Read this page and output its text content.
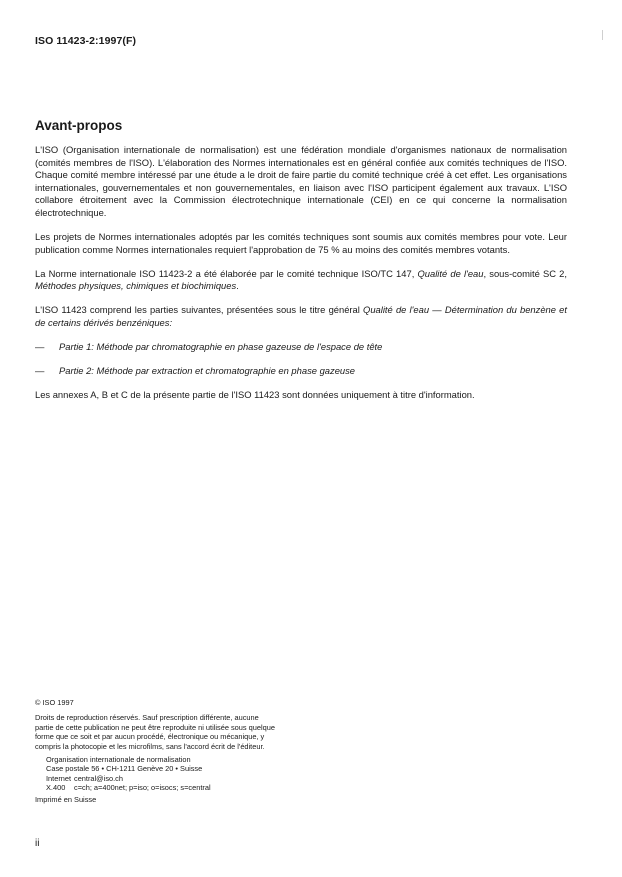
ISO 11423-2:1997(F)
Avant-propos

L'ISO (Organisation internationale de normalisation) est une fédération mondiale d'organismes nationaux de normalisation (comités membres de l'ISO). L'élaboration des Normes internationales est en général confiée aux comités techniques de l'ISO. Chaque comité membre intéressé par une étude a le droit de faire partie du comité technique créé à cet effet. Les organisations internationales, gouvernementales et non gouvernementales, en liaison avec l'ISO participent également aux travaux. L'ISO collabore étroitement avec la Commission électrotechnique internationale (CEI) en ce qui concerne la normalisation électrotechnique.

Les projets de Normes internationales adoptés par les comités techniques sont soumis aux comités membres pour vote. Leur publication comme Normes internationales requiert l'approbation de 75 % au moins des comités membres votants.

La Norme internationale ISO 11423-2 a été élaborée par le comité technique ISO/TC 147, Qualité de l'eau, sous-comité SC 2, Méthodes physiques, chimiques et biochimiques.

L'ISO 11423 comprend les parties suivantes, présentées sous le titre général Qualité de l'eau — Détermination du benzène et de certains dérivés benzéniques:

—	Partie 1: Méthode par chromatographie en phase gazeuse de l'espace de tête
—	Partie 2: Méthode par extraction et chromatographie en phase gazeuse

Les annexes A, B et C de la présente partie de l'ISO 11423 sont données uniquement à titre d'information.

© ISO 1997
Droits de reproduction réservés. Sauf prescription différente, aucune partie de cette publication ne peut être reproduite ni utilisée sous quelque forme que ce soit et par aucun procédé, électronique ou mécanique, y compris la photocopie et les microfilms, sans l'accord écrit de l'éditeur.
Organisation internationale de normalisation
Case postale 56 • CH-1211 Genève 20 • Suisse
Internet central@iso.ch
X.400	c=ch; a=400net; p=iso; o=isocs; s=central
Imprimé en Suisse
ii
